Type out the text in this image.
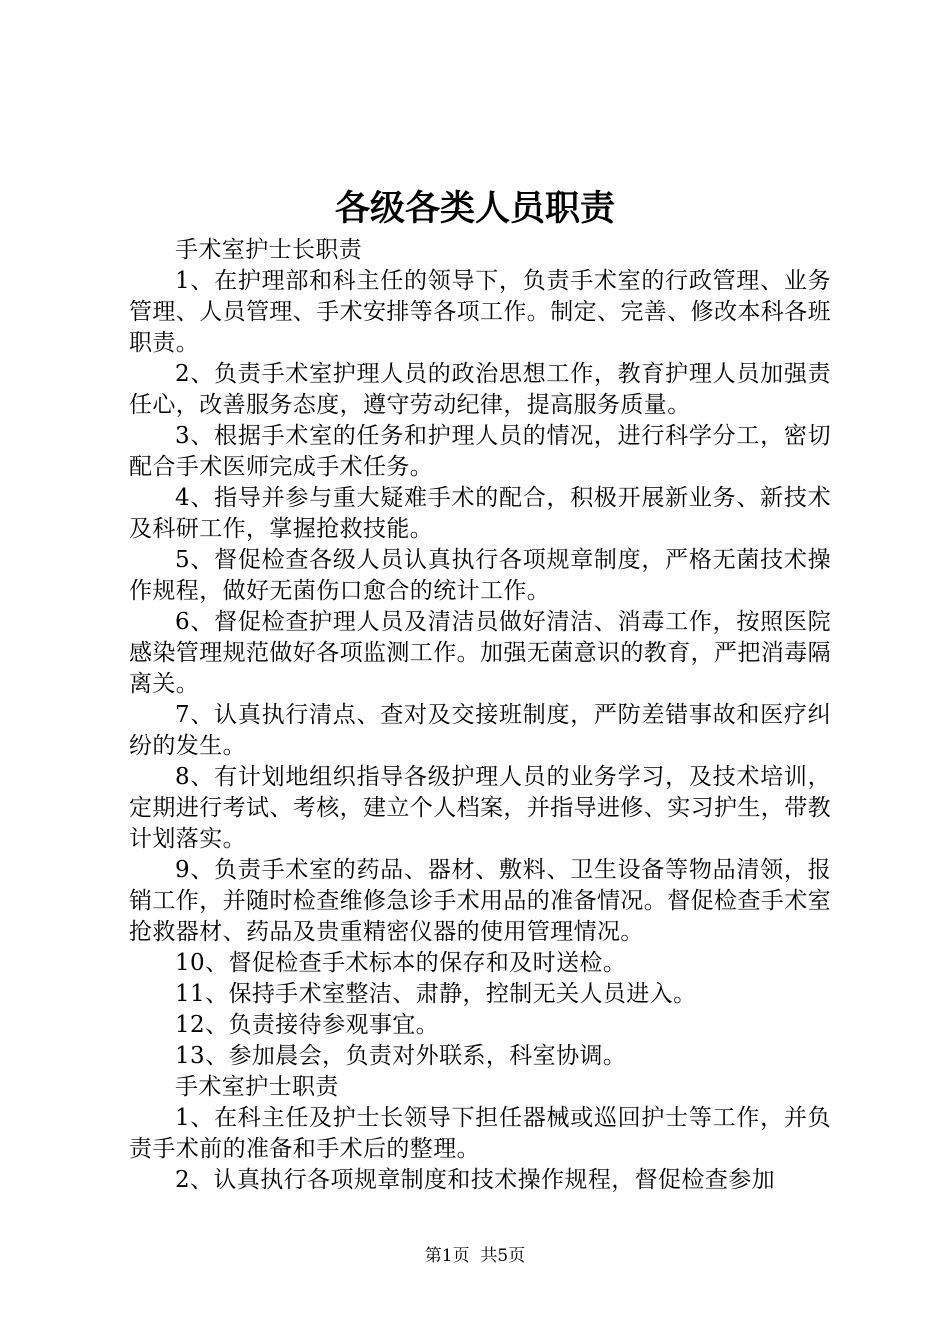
各级各类人员职责

手术室护士长职责

1、在护理部和科主任的领导下，负责手术室的行政管理、业务管理、人员管理、手术安排等各项工作。制定、完善、修改本科各班职责。

2、负责手术室护理人员的政治思想工作，教育护理人员加强责任心，改善服务态度，遵守劳动纪律，提高服务质量。

3、根据手术室的任务和护理人员的情况，进行科学分工，密切配合手术医师完成手术任务。

4、指导并参与重大疑难手术的配合，积极开展新业务、新技术及科研工作，掌握抢救技能。

5、督促检查各级人员认真执行各项规章制度，严格无菌技术操作规程，做好无菌伤口愈合的统计工作。

6、督促检查护理人员及清洁员做好清洁、消毒工作，按照医院感染管理规范做好各项监测工作。加强无菌意识的教育，严把消毒隔离关。

7、认真执行清点、查对及交接班制度，严防差错事故和医疗纠纷的发生。

8、有计划地组织指导各级护理人员的业务学习，及技术培训，定期进行考试、考核，建立个人档案，并指导进修、实习护生，带教计划落实。

9、负责手术室的药品、器材、敷料、卫生设备等物品清领，报销工作，并随时检查维修急诊手术用品的准备情况。督促检查手术室抢救器材、药品及贵重精密仪器的使用管理情况。

10、督促检查手术标本的保存和及时送检。

11、保持手术室整洁、肃静，控制无关人员进入。

12、负责接待参观事宜。

13、参加晨会，负责对外联系，科室协调。

手术室护士职责

1、在科主任及护士长领导下担任器械或巡回护士等工作，并负责手术前的准备和手术后的整理。

2、认真执行各项规章制度和技术操作规程，督促检查参加

第1页 共5页
